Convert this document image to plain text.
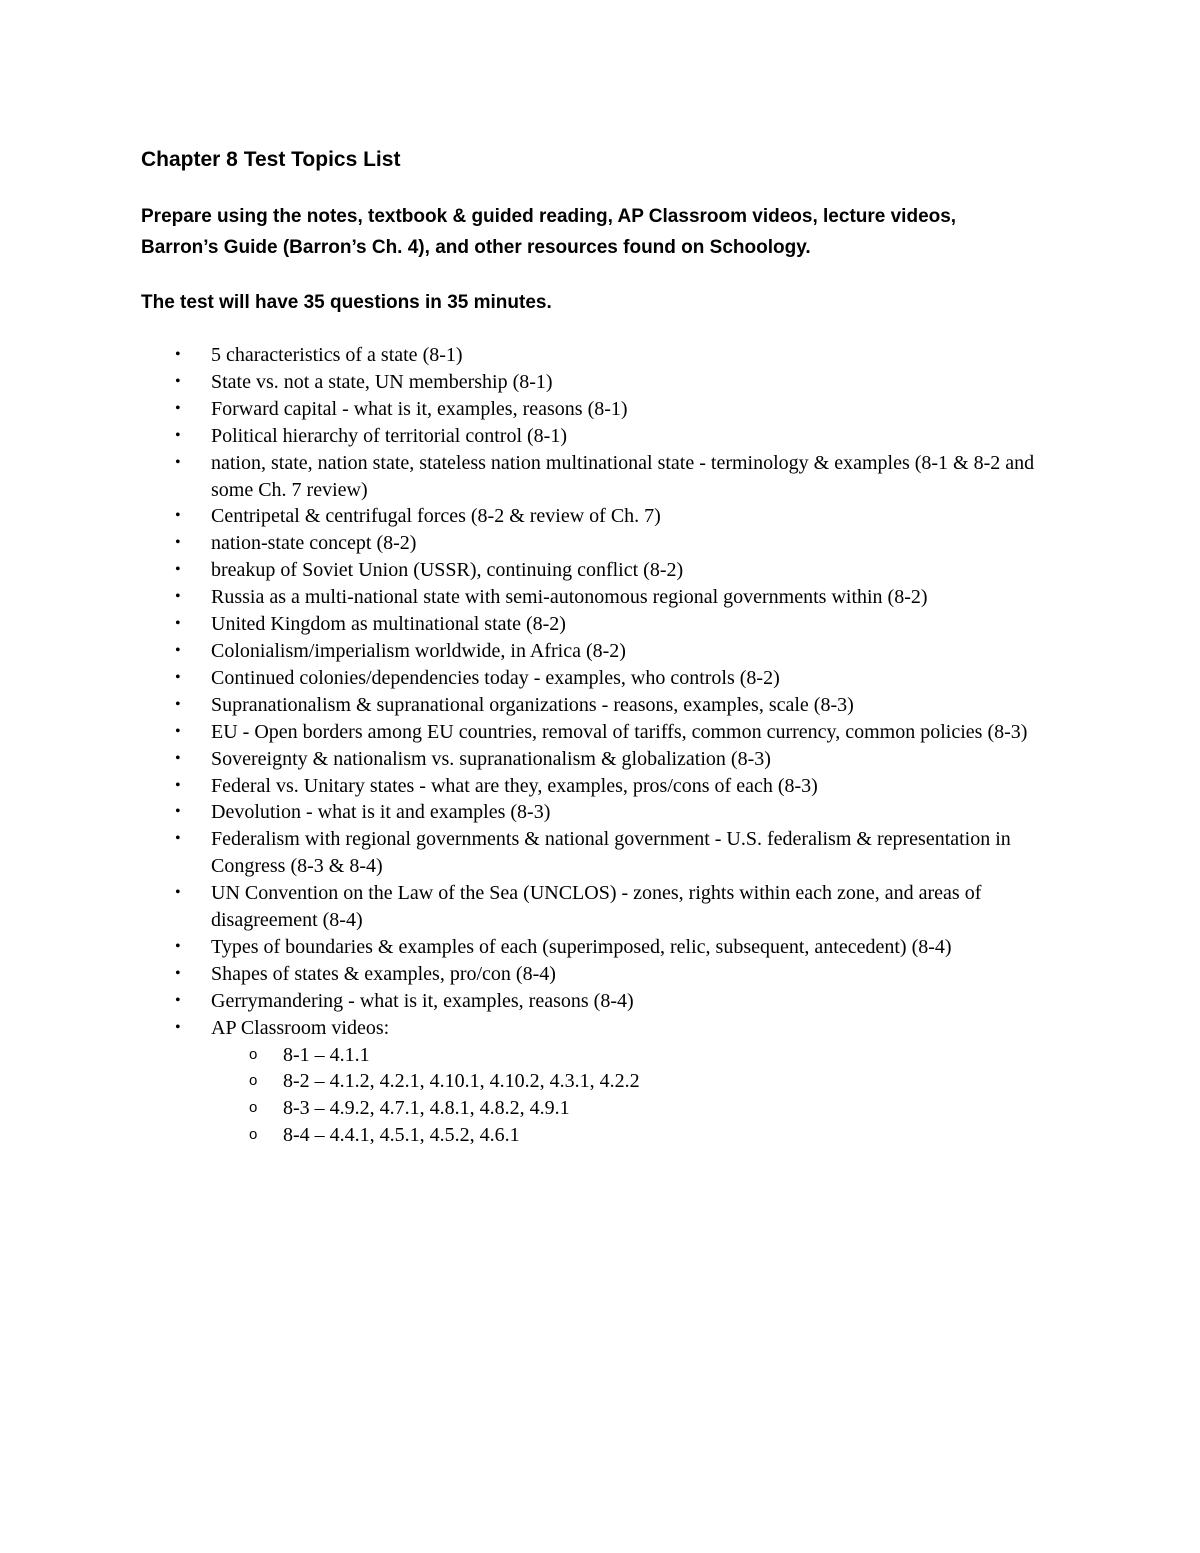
Chapter 8 Test Topics List

Prepare using the notes, textbook & guided reading, AP Classroom videos, lecture videos,
Barron’s Guide (Barron’s Ch. 4), and other resources found on Schoology.

The test will have 35 questions in 35 minutes.

• 5 characteristics of a state (8-1)
• State vs. not a state, UN membership (8-1)
• Forward capital - what is it, examples, reasons (8-1)
• Political hierarchy of territorial control (8-1)
• nation, state, nation state, stateless nation multinational state - terminology & examples (8-1 & 8-2 and some Ch. 7 review)
• Centripetal & centrifugal forces (8-2 & review of Ch. 7)
• nation-state concept (8-2)
• breakup of Soviet Union (USSR), continuing conflict (8-2)
• Russia as a multi-national state with semi-autonomous regional governments within (8-2)
• United Kingdom as multinational state (8-2)
• Colonialism/imperialism worldwide, in Africa (8-2)
• Continued colonies/dependencies today - examples, who controls (8-2)
• Supranationalism & supranational organizations - reasons, examples, scale (8-3)
• EU - Open borders among EU countries, removal of tariffs, common currency, common policies (8-3)
• Sovereignty & nationalism vs. supranationalism & globalization (8-3)
• Federal vs. Unitary states - what are they, examples, pros/cons of each (8-3)
• Devolution - what is it and examples (8-3)
• Federalism with regional governments & national government - U.S. federalism & representation in Congress (8-3 & 8-4)
• UN Convention on the Law of the Sea (UNCLOS) - zones, rights within each zone, and areas of disagreement (8-4)
• Types of boundaries & examples of each (superimposed, relic, subsequent, antecedent) (8-4)
• Shapes of states & examples, pro/con (8-4)
• Gerrymandering - what is it, examples, reasons (8-4)
• AP Classroom videos:
o 8-1 – 4.1.1
o 8-2 – 4.1.2, 4.2.1, 4.10.1, 4.10.2, 4.3.1, 4.2.2
o 8-3 – 4.9.2, 4.7.1, 4.8.1, 4.8.2, 4.9.1
o 8-4 – 4.4.1, 4.5.1, 4.5.2, 4.6.1
